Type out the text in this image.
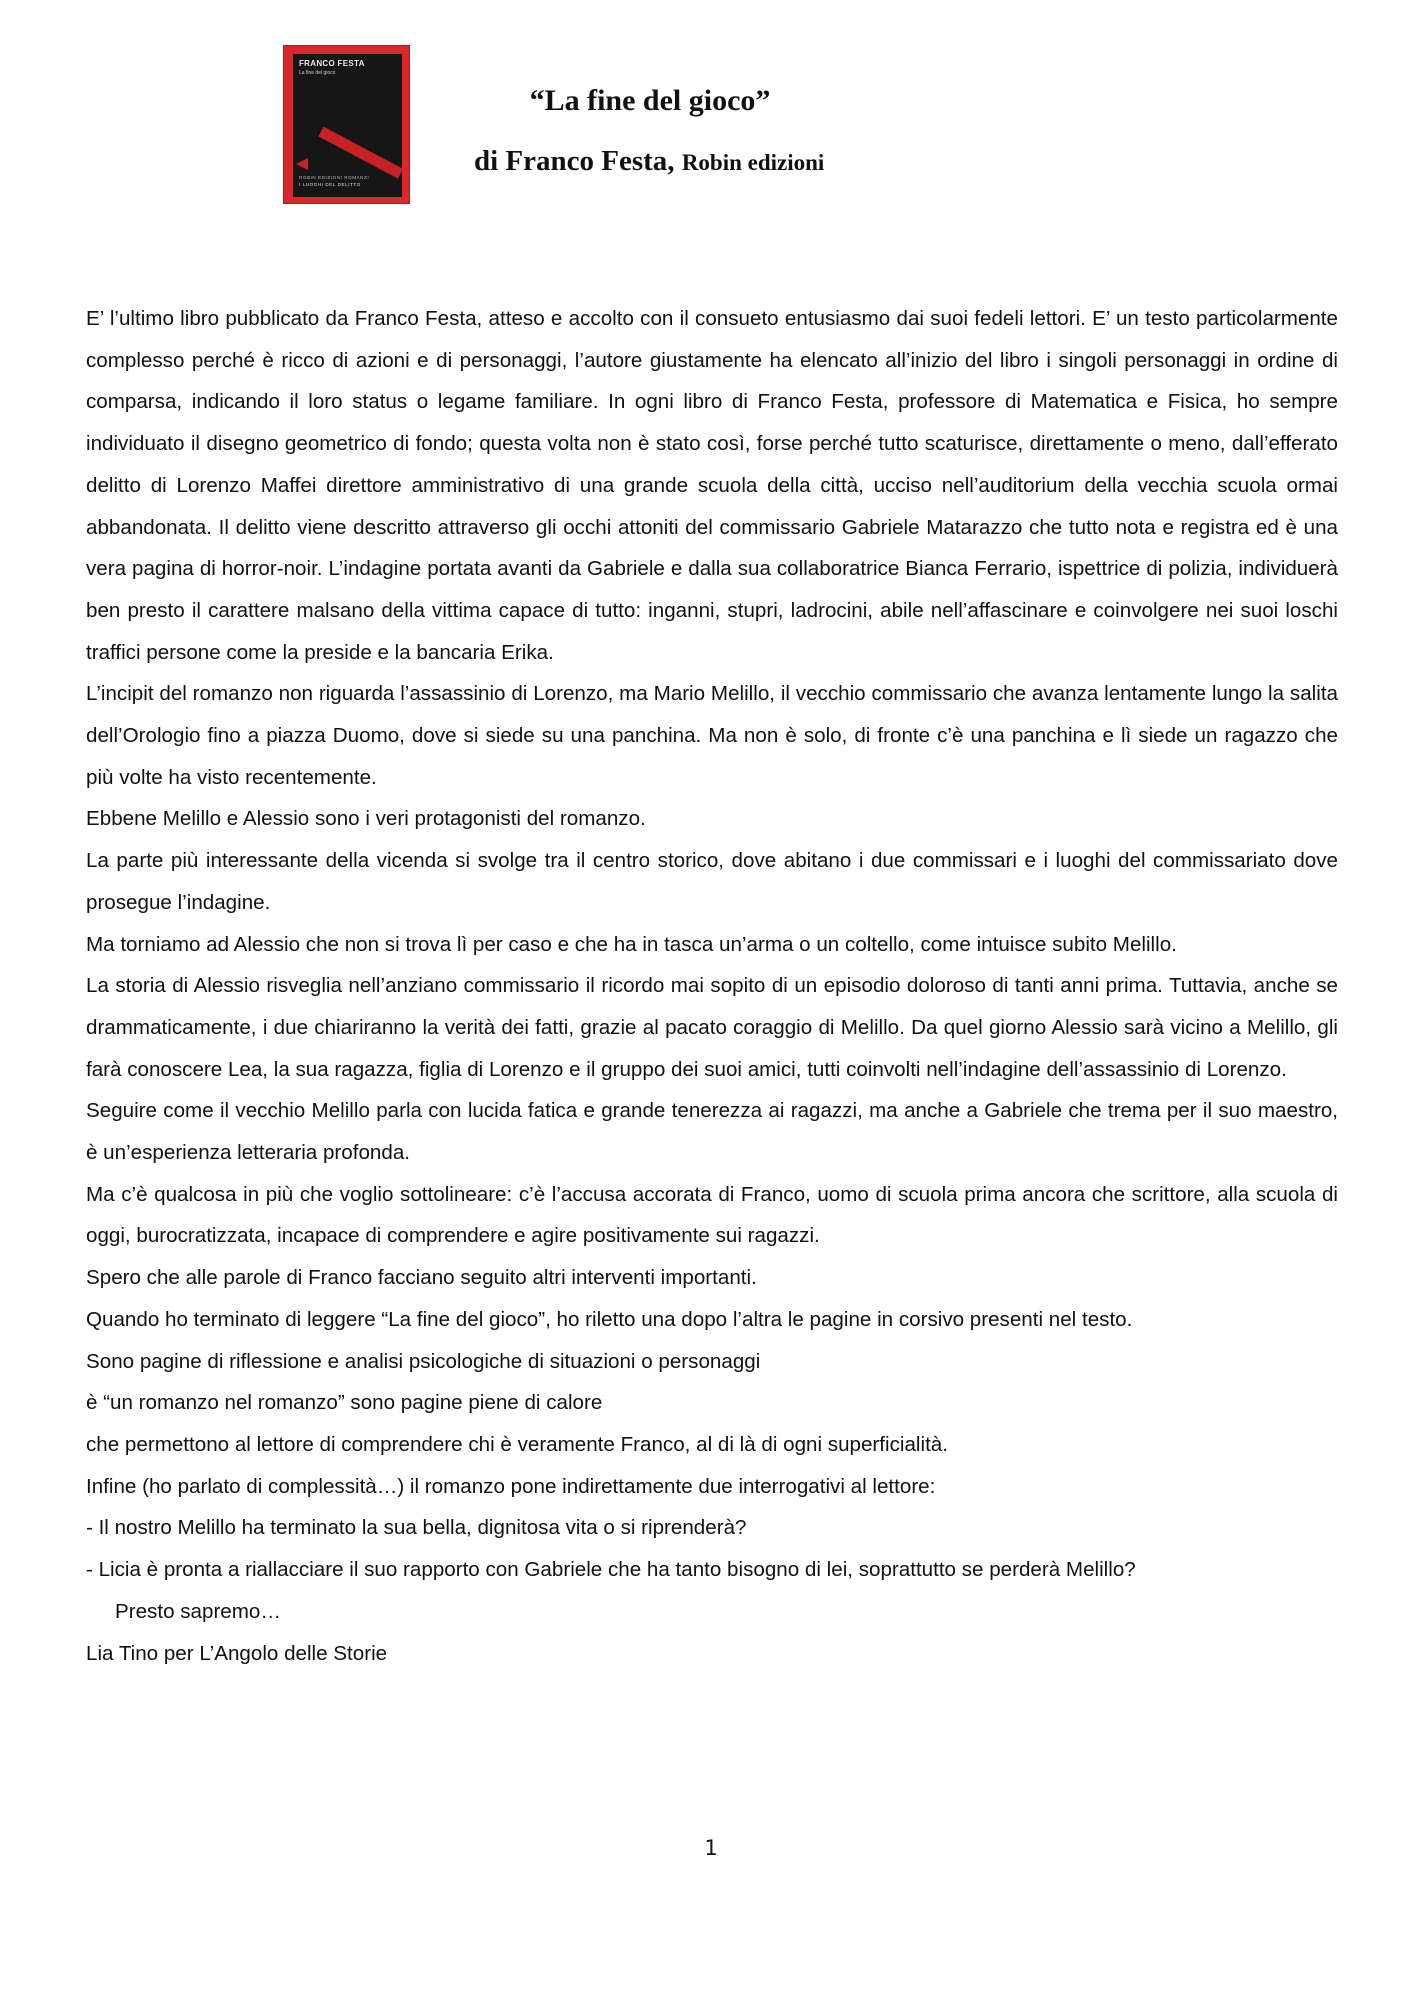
FRANCO FESTA
La fine del gioco
ROBIN EDIZIONI ROMANZI
I LUOGHI DEL DELITTO
“La fine del gioco”

di Franco Festa, Robin edizioni

E’ l’ultimo libro pubblicato da Franco Festa, atteso e accolto con il consueto entusiasmo dai suoi fedeli lettori. E’ un testo particolarmente complesso perché è ricco di azioni e di personaggi, l’autore giustamente ha elencato all’inizio del libro i singoli personaggi in ordine di comparsa, indicando il loro status o legame familiare. In ogni libro di Franco Festa, professore di Matematica e Fisica, ho sempre individuato il disegno geometrico di fondo; questa volta non è stato così, forse perché tutto scaturisce, direttamente o meno, dall’efferato delitto di Lorenzo Maffei direttore amministrativo di una grande scuola della città, ucciso nell’auditorium della vecchia scuola ormai abbandonata. Il delitto viene descritto attraverso gli occhi attoniti del commissario Gabriele Matarazzo che tutto nota e registra ed è una vera pagina di horror-noir. L’indagine portata avanti da Gabriele e dalla sua collaboratrice Bianca Ferrario, ispettrice di polizia, individuerà ben presto il carattere malsano della vittima capace di tutto: inganni, stupri, ladrocini, abile nell’affascinare e coinvolgere nei suoi loschi traffici persone come la preside e la bancaria Erika.

L’incipit del romanzo non riguarda l’assassinio di Lorenzo, ma Mario Melillo, il vecchio commissario che avanza lentamente lungo la salita dell’Orologio fino a piazza Duomo, dove si siede su una panchina. Ma non è solo, di fronte c’è una panchina e lì siede un ragazzo che più volte ha visto recentemente.

Ebbene Melillo e Alessio sono i veri protagonisti del romanzo.

La parte più interessante della vicenda si svolge tra il centro storico, dove abitano i due commissari e i luoghi del commissariato dove prosegue l’indagine.

Ma torniamo ad Alessio che non si trova lì per caso e che ha in tasca un’arma o un coltello, come intuisce subito Melillo.

La storia di Alessio risveglia nell’anziano commissario il ricordo mai sopito di un episodio doloroso di tanti anni prima. Tuttavia, anche se drammaticamente, i due chiariranno la verità dei fatti, grazie al pacato coraggio di Melillo. Da quel giorno Alessio sarà vicino a Melillo, gli farà conoscere Lea, la sua ragazza, figlia di Lorenzo e il gruppo dei suoi amici, tutti coinvolti nell’indagine dell’assassinio di Lorenzo.

Seguire come il vecchio Melillo parla con lucida fatica e grande tenerezza ai ragazzi, ma anche a Gabriele che trema per il suo maestro, è un’esperienza letteraria profonda.

Ma c’è qualcosa in più che voglio sottolineare: c’è l’accusa accorata di Franco, uomo di scuola prima ancora che scrittore, alla scuola di oggi, burocratizzata, incapace di comprendere e agire positivamente sui ragazzi.

Spero che alle parole di Franco facciano seguito altri interventi importanti.

Quando ho terminato di leggere “La fine del gioco”, ho riletto una dopo l’altra le pagine in corsivo presenti nel testo.

Sono pagine di riflessione e analisi psicologiche di situazioni o personaggi

è “un romanzo nel romanzo” sono pagine piene di calore

che permettono al lettore di comprendere chi è veramente Franco, al di là di ogni superficialità.

Infine (ho parlato di complessità…) il romanzo pone indirettamente due interrogativi al lettore:

- Il nostro Melillo ha terminato la sua bella, dignitosa vita o si riprenderà?

- Licia è pronta a riallacciare il suo rapporto con Gabriele che ha tanto bisogno di lei, soprattutto se perderà Melillo?

Presto sapremo…

Lia Tino per L’Angolo delle Storie

1
